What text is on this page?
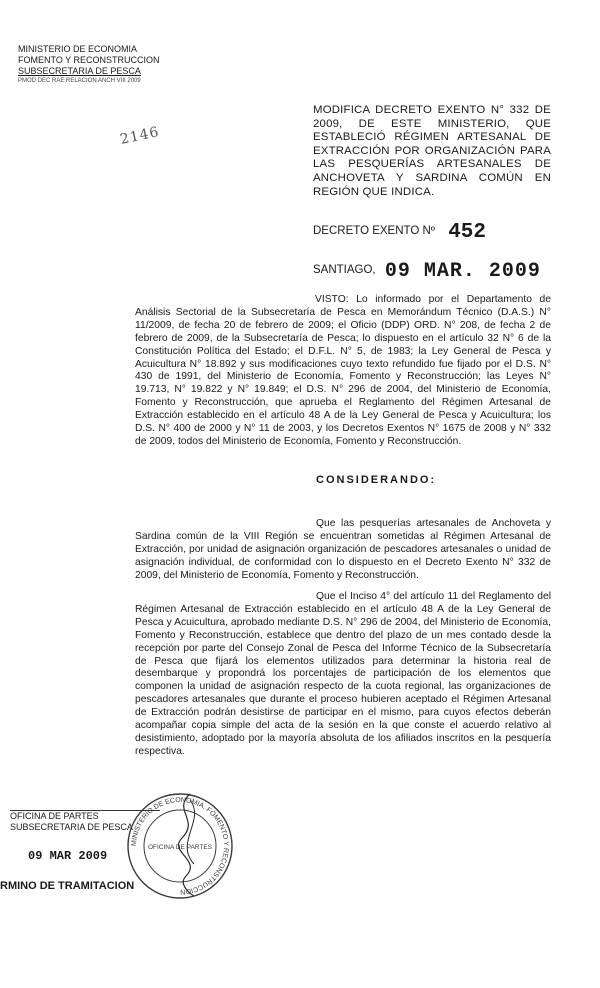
MINISTERIO DE ECONOMIA
FOMENTO Y RECONSTRUCCION
SUBSECRETARIA DE PESCA
PMOD DEC RAE RELACION ANCH VIII 2009
2146
MODIFICA DECRETO EXENTO N° 332 DE 2009, DE ESTE MINISTERIO, QUE ESTABLECIÓ RÉGIMEN ARTESANAL DE EXTRACCIÓN POR ORGANIZACIÓN PARA LAS PESQUERÍAS ARTESANALES DE ANCHOVETA Y SARDINA COMÚN EN REGIÓN QUE INDICA.
DECRETO EXENTO Nº 452
SANTIAGO, 09 MAR. 2009
VISTO: Lo informado por el Departamento de Análisis Sectorial de la Subsecretaría de Pesca en Memorándum Técnico (D.A.S.) N° 11/2009, de fecha 20 de febrero de 2009; el Oficio (DDP) ORD. N° 208, de fecha 2 de febrero de 2009, de la Subsecretaría de Pesca; lo dispuesto en el artículo 32 N° 6 de la Constitución Política del Estado; el D.F.L. N° 5, de 1983; la Ley General de Pesca y Acuicultura N° 18.892 y sus modificaciones cuyo texto refundido fue fijado por el D.S. N° 430 de 1991, del Ministerio de Economía, Fomento y Reconstrucción; las Leyes N° 19.713, N° 19.822 y N° 19.849; el D.S. N° 296 de 2004, del Ministerio de Economía, Fomento y Reconstrucción, que aprueba el Reglamento del Régimen Artesanal de Extracción establecido en el artículo 48 A de la Ley General de Pesca y Acuicultura; los D.S. N° 400 de 2000 y N° 11 de 2003, y los Decretos Exentos N° 1675 de 2008 y N° 332 de 2009, todos del Ministerio de Economía, Fomento y Reconstrucción.
CONSIDERANDO:
Que las pesquerías artesanales de Anchoveta y Sardina común de la VIII Región se encuentran sometidas al Régimen Artesanal de Extracción, por unidad de asignación organización de pescadores artesanales o unidad de asignación individual, de conformidad con lo dispuesto en el Decreto Exento N° 332 de 2009, del Ministerio de Economía, Fomento y Reconstrucción.
Que el Inciso 4° del artículo 11 del Reglamento del Régimen Artesanal de Extracción establecido en el artículo 48 A de la Ley General de Pesca y Acuicultura, aprobado mediante D.S. N° 296 de 2004, del Ministerio de Economía, Fomento y Reconstrucción, establece que dentro del plazo de un mes contado desde la recepción por parte del Consejo Zonal de Pesca del Informe Técnico de la Subsecretaría de Pesca que fijará los elementos utilizados para determinar la historia real de desembarque y propondrá los porcentajes de participación de los elementos que componen la unidad de asignación respecto de la cuota regional, las organizaciones de pescadores artesanales que durante el proceso hubieren aceptado el Régimen Artesanal de Extracción podrán desistirse de participar en el mismo, para cuyos efectos deberán acompañar copia simple del acta de la sesión en la que conste el acuerdo relativo al desistimiento, adoptado por la mayoría absoluta de los afiliados inscritos en la pesquería respectiva.
OFICINA DE PARTES
SUBSECRETARIA DE PESCA
09 MAR 2009
RMINO DE TRAMITACION
MINISTERIO DE ECONOMIA, FOMENTO Y RECONSTRUCCION
OFICINA DE PARTES
